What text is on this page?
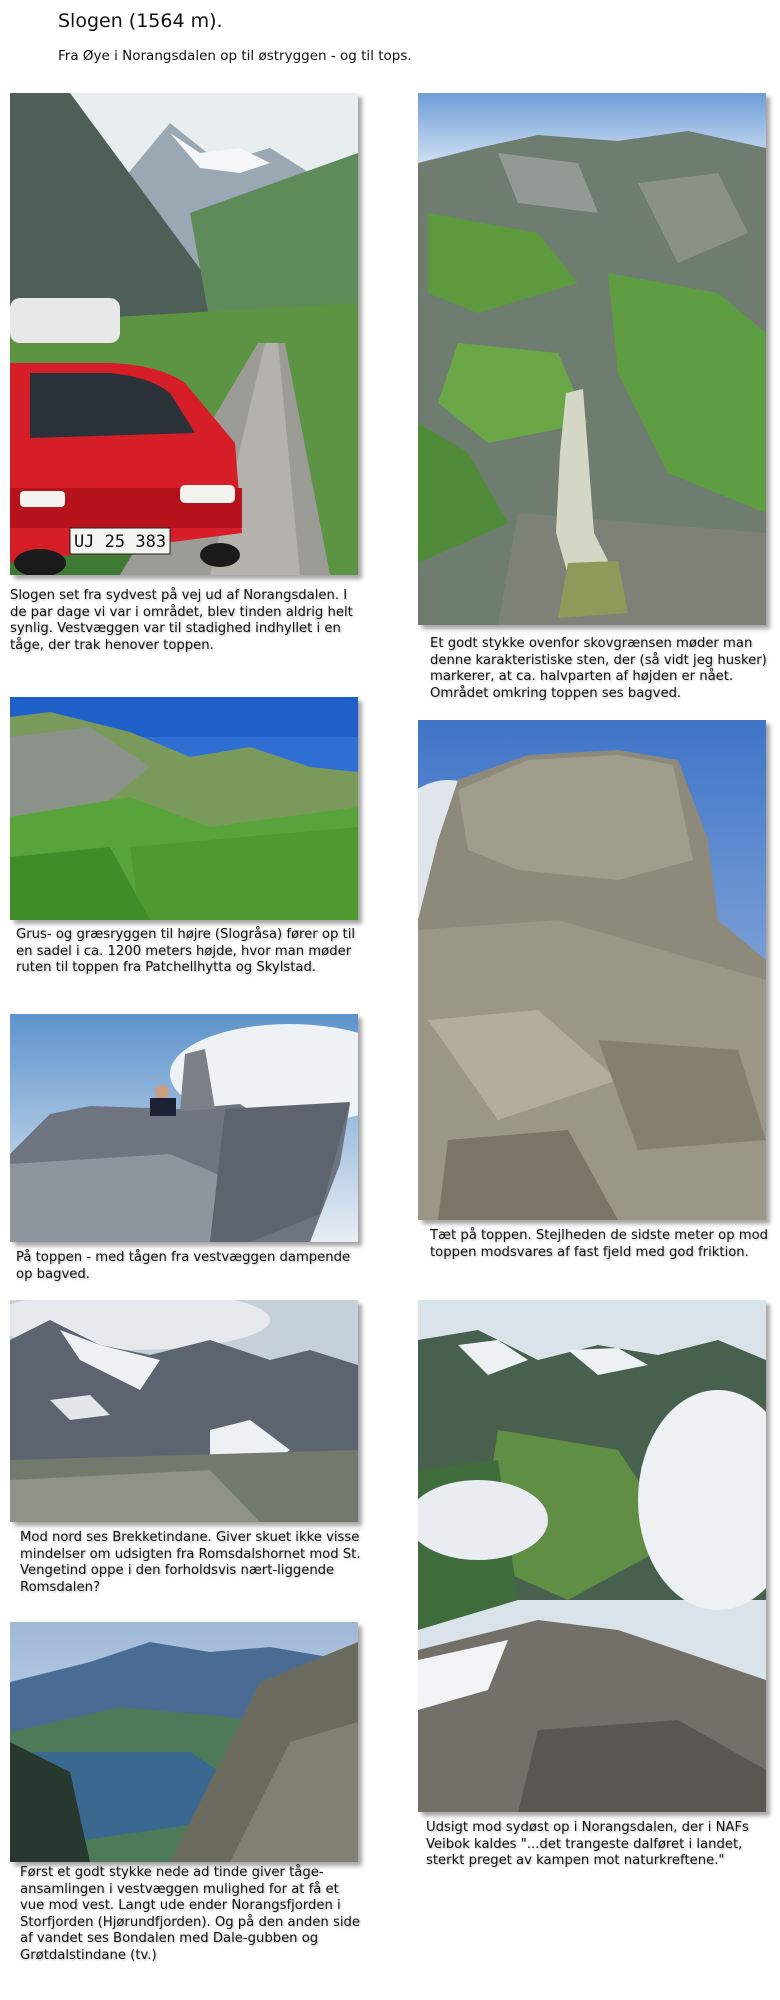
Slogen (1564 m).
Fra Øye i Norangsdalen op til østryggen - og til tops.
UJ 25 383
Slogen set fra sydvest på vej ud af Norangsdalen. I de par dage vi var i området, blev tinden aldrig helt synlig. Vestvæggen var til stadighed indhyllet i en tåge, der trak henover toppen.	Et godt stykke ovenfor skovgrænsen møder man denne karakteristiske sten, der (så vidt jeg husker) markerer, at ca. halvparten af højden er nået. Området omkring toppen ses bagved.
Grus- og græsryggen til højre (Slogråsa) fører op til en sadel i ca. 1200 meters højde, hvor man møder ruten til toppen fra Patchellhytta og Skylstad.
Tæt på toppen. Stejlheden de sidste meter op mod toppen modsvares af fast fjeld med god friktion.
På toppen - med tågen fra vestvæggen dampende op bagved.
Mod nord ses Brekketindane. Giver skuet ikke visse mindelser om udsigten fra Romsdalshornet mod St. Vengetind oppe i den forholdsvis nært-liggende Romsdalen?
Udsigt mod sydøst op i Norangsdalen, der i NAFs Veibok kaldes "...det trangeste dalføret i landet, sterkt preget av kampen mot naturkreftene."
Først et godt stykke nede ad tinde giver tåge-ansamlingen i vestvæggen mulighed for at få et vue mod vest. Langt ude ender Norangsfjorden i Storfjorden (Hjørundfjorden). Og på den anden side af vandet ses Bondalen med Dale-gubben og Grøtdalstindane (tv.)
